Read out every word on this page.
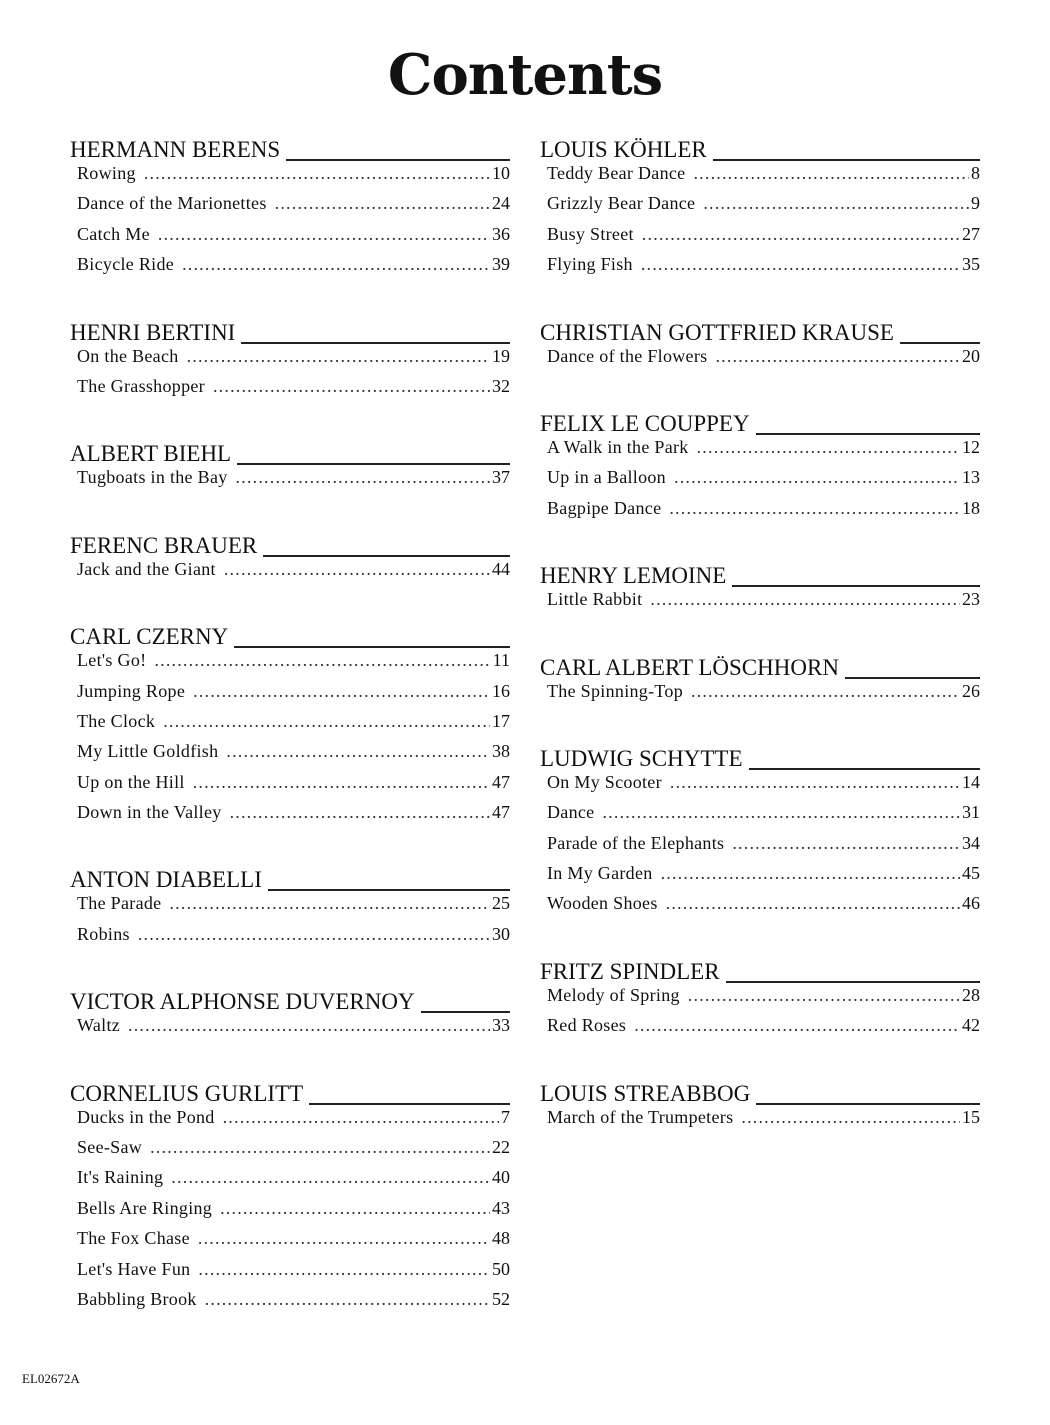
Contents
HERMANN BERENS
Rowing .....	10
Dance of the Marionettes .....	24
Catch Me .....	36
Bicycle Ride .....	39
HENRI BERTINI
On the Beach .....	19
The Grasshopper .....	32
ALBERT BIEHL
Tugboats in the Bay .....	37
FERENC BRAUER
Jack and the Giant .....	44
CARL CZERNY
Let's Go! .....	11
Jumping Rope .....	16
The Clock .....	17
My Little Goldfish .....	38
Up on the Hill .....	47
Down in the Valley .....	47
ANTON DIABELLI
The Parade .....	25
Robins .....	30
VICTOR ALPHONSE DUVERNOY
Waltz .....	33
CORNELIUS GURLITT
Ducks in the Pond .....	7
See-Saw .....	22
It's Raining .....	40
Bells Are Ringing .....	43
The Fox Chase .....	48
Let's Have Fun .....	50
Babbling Brook .....	52
LOUIS KÖHLER
Teddy Bear Dance .....	8
Grizzly Bear Dance .....	9
Busy Street .....	27
Flying Fish .....	35
CHRISTIAN GOTTFRIED KRAUSE
Dance of the Flowers .....	20
FELIX LE COUPPEY
A Walk in the Park .....	12
Up in a Balloon .....	13
Bagpipe Dance .....	18
HENRY LEMOINE
Little Rabbit .....	23
CARL ALBERT LÖSCHHORN
The Spinning-Top .....	26
LUDWIG SCHYTTE
On My Scooter .....	14
Dance .....	31
Parade of the Elephants .....	34
In My Garden .....	45
Wooden Shoes .....	46
FRITZ SPINDLER
Melody of Spring .....	28
Red Roses .....	42
LOUIS STREABBOG
March of the Trumpeters .....	15
EL02672A
